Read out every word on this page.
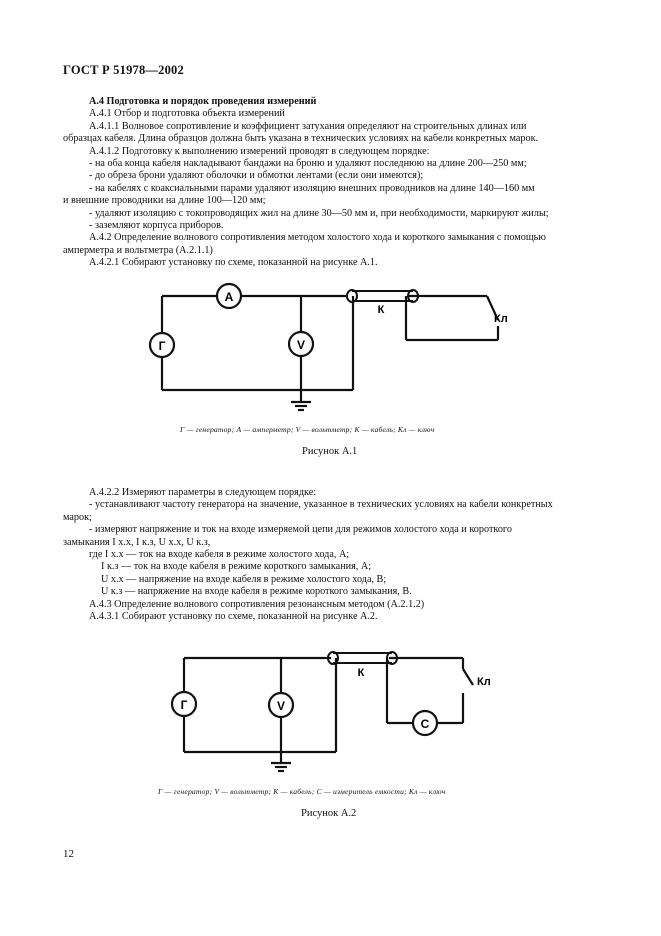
ГОСТ Р 51978—2002
А.4 Подготовка и порядок проведения измерений
А.4.1 Отбор и подготовка объекта измерений
А.4.1.1 Волновое сопротивление и коэффициент затухания определяют на строительных длинах или
образцах кабеля. Длина образцов должна быть указана в технических условиях на кабели конкретных марок.
А.4.1.2 Подготовку к выполнению измерений проводят в следующем порядке:
- на оба конца кабеля накладывают бандажи на броню и удаляют последнюю на длине 200—250 мм;
- до обреза брони удаляют оболочки и обмотки лентами (если они имеются);
- на кабелях с коаксиальными парами удаляют изоляцию внешних проводников на длине 140—160 мм
и внешние проводники на длине 100—120 мм;
- удаляют изоляцию с токопроводящих жил на длине 30—50 мм и, при необходимости, маркируют жилы;
- заземляют корпуса приборов.
А.4.2 Определение волнового сопротивления методом холостого хода и короткого замыкания с помощью
амперметра и вольтметра (А.2.1.1)
А.4.2.1 Собирают установку по схеме, показанной на рисунке А.1.
А
Г	V
К
Кл
Г — генератор; А — амперметр; V — вольтметр; К — кабель; Кл — ключ
Рисунок А.1
А.4.2.2 Измеряют параметры в следующем порядке:
- устанавливают частоту генератора на значение, указанное в технических условиях на кабели конкретных
марок;
- измеряют напряжение и ток на входе измеряемой цепи для режимов холостого хода и короткого
замыкания I x.x, I к.з, U x.x, U к.з,
где I x.x — ток на входе кабеля в режиме холостого хода, А;
I к.з — ток на входе кабеля в режиме короткого замыкания, А;
U x.x — напряжение на входе кабеля в режиме холостого хода, В;
U к.з — напряжение на входе кабеля в режиме короткого замыкания, В.
А.4.3 Определение волнового сопротивления резонансным методом (А.2.1.2)
А.4.3.1 Собирают установку по схеме, показанной на рисунке А.2.
Г	V
С
К
Кл
Г — генератор; V — вольтметр; К — кабель; С — измеритель емкости; Кл — ключ
Рисунок А.2
12
